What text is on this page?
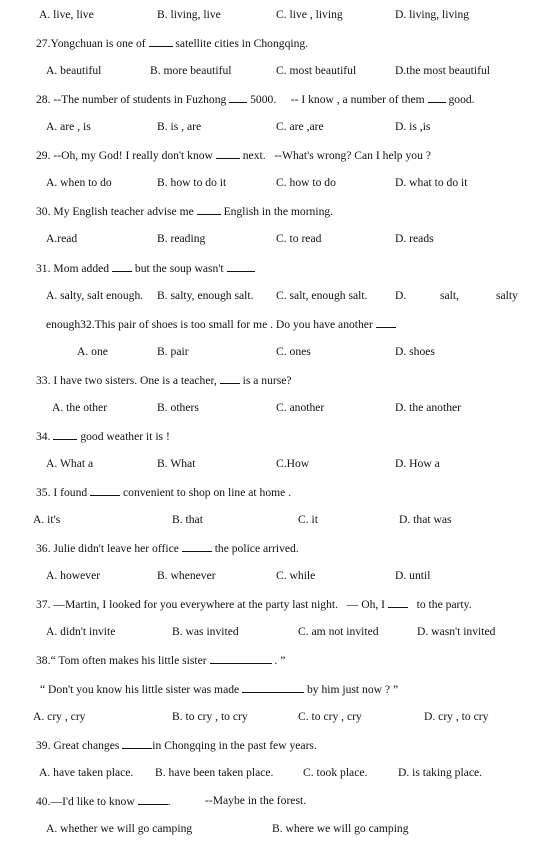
A. live, live	B. living, live	C. live , living	D. living, living
27.Yongchuan is one of	satellite cities in Chongqing.
A. beautiful	B. more beautiful	C. most beautiful	D.the most beautiful
28. --The number of students in Fuzhong 5000. -- I know , a number of them good.
A. are , is	B. is , are	C. are ,are	D. is ,is
29. --Oh, my God! I really don't know	next. --What's wrong? Can I help you ?
A. when to do	B. how to do it	C. how to do	D. what to do it
30. My English teacher advise me	English in the morning.
A.read	B. reading	C. to read	D. reads
31. Mom added but the soup wasn't
A. salty, salt enough. B. salty, enough salt. C. salt, enough salt. D.	salt,	salty
enough32.This pair of shoes is too small for me . Do you have another
A. one	B. pair	C. ones	D. shoes
33. I have two sisters. One is a teacher, is a nurse?
A. the other	B. others	C. another	D. the another
34.	good weather it is !
A. What a	B. What	C.How	D. How a
35. I found	convenient to shop on line at home .
A. it's	B. that	C. it	D. that was
36. Julie didn't leave her office	the police arrived.
A. however	B. whenever	C. while	D. until
37. —Martin, I looked for you everywhere at the party last night. — Oh, I	to the party.
A. didn't invite	B. was invited	C. am not invited	D. wasn't invited
38.“ Tom often makes his little sister	. ”
“ Don't you know his little sister was made	by him just now ? ”
A. cry , cry	B. to cry , to cry	C. to cry , cry	D. cry , to cry
39. Great changes	in Chongqing in the past few years.
A. have taken place. B. have been taken place.	C. took place.	D. is taking place.
40.—I'd like to know	.	--Maybe in the forest.
A. whether we will go camping	B. where we will go camping
